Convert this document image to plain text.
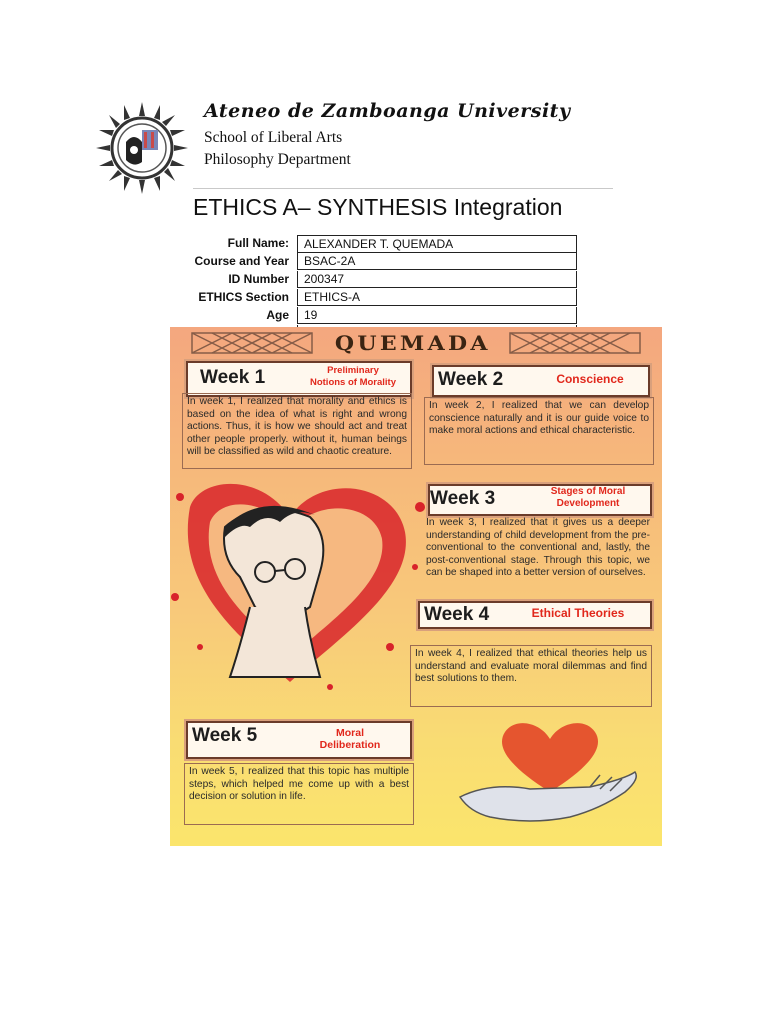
Ateneo de Zamboanga University
School of Liberal Arts
Philosophy Department
ETHICS A– SYNTHESIS Integration
Full Name:	ALEXANDER T. QUEMADA
Course and Year	BSAC-2A
ID Number	200347
ETHICS Section	ETHICS-A
Age	19
QUEMADA
Week 1	Preliminary
Notions of Morality
In week 1, I realized that morality and ethics is based on the idea of what is right and wrong actions. Thus, it is how we should act and treat other people properly. without it, human beings will be classified as wild and chaotic creature.
Week 2	Conscience
In week 2, I realized that we can develop conscience naturally and it is our guide voice to make moral actions and ethical characteristic.
Week 3	Stages of Moral
Development
In week 3, I realized that it gives us a deeper understanding of child development from the pre-conventional to the conventional and, lastly, the post-conventional stage. Through this topic, we can be shaped into a better version of ourselves.
Week 4	Ethical Theories
In week 4, I realized that ethical theories help us understand and evaluate moral dilemmas and find best solutions to them.
Week 5	Moral
Deliberation
In week 5, I realized that this topic has multiple steps, which helped me come up with a best decision or solution in life.
